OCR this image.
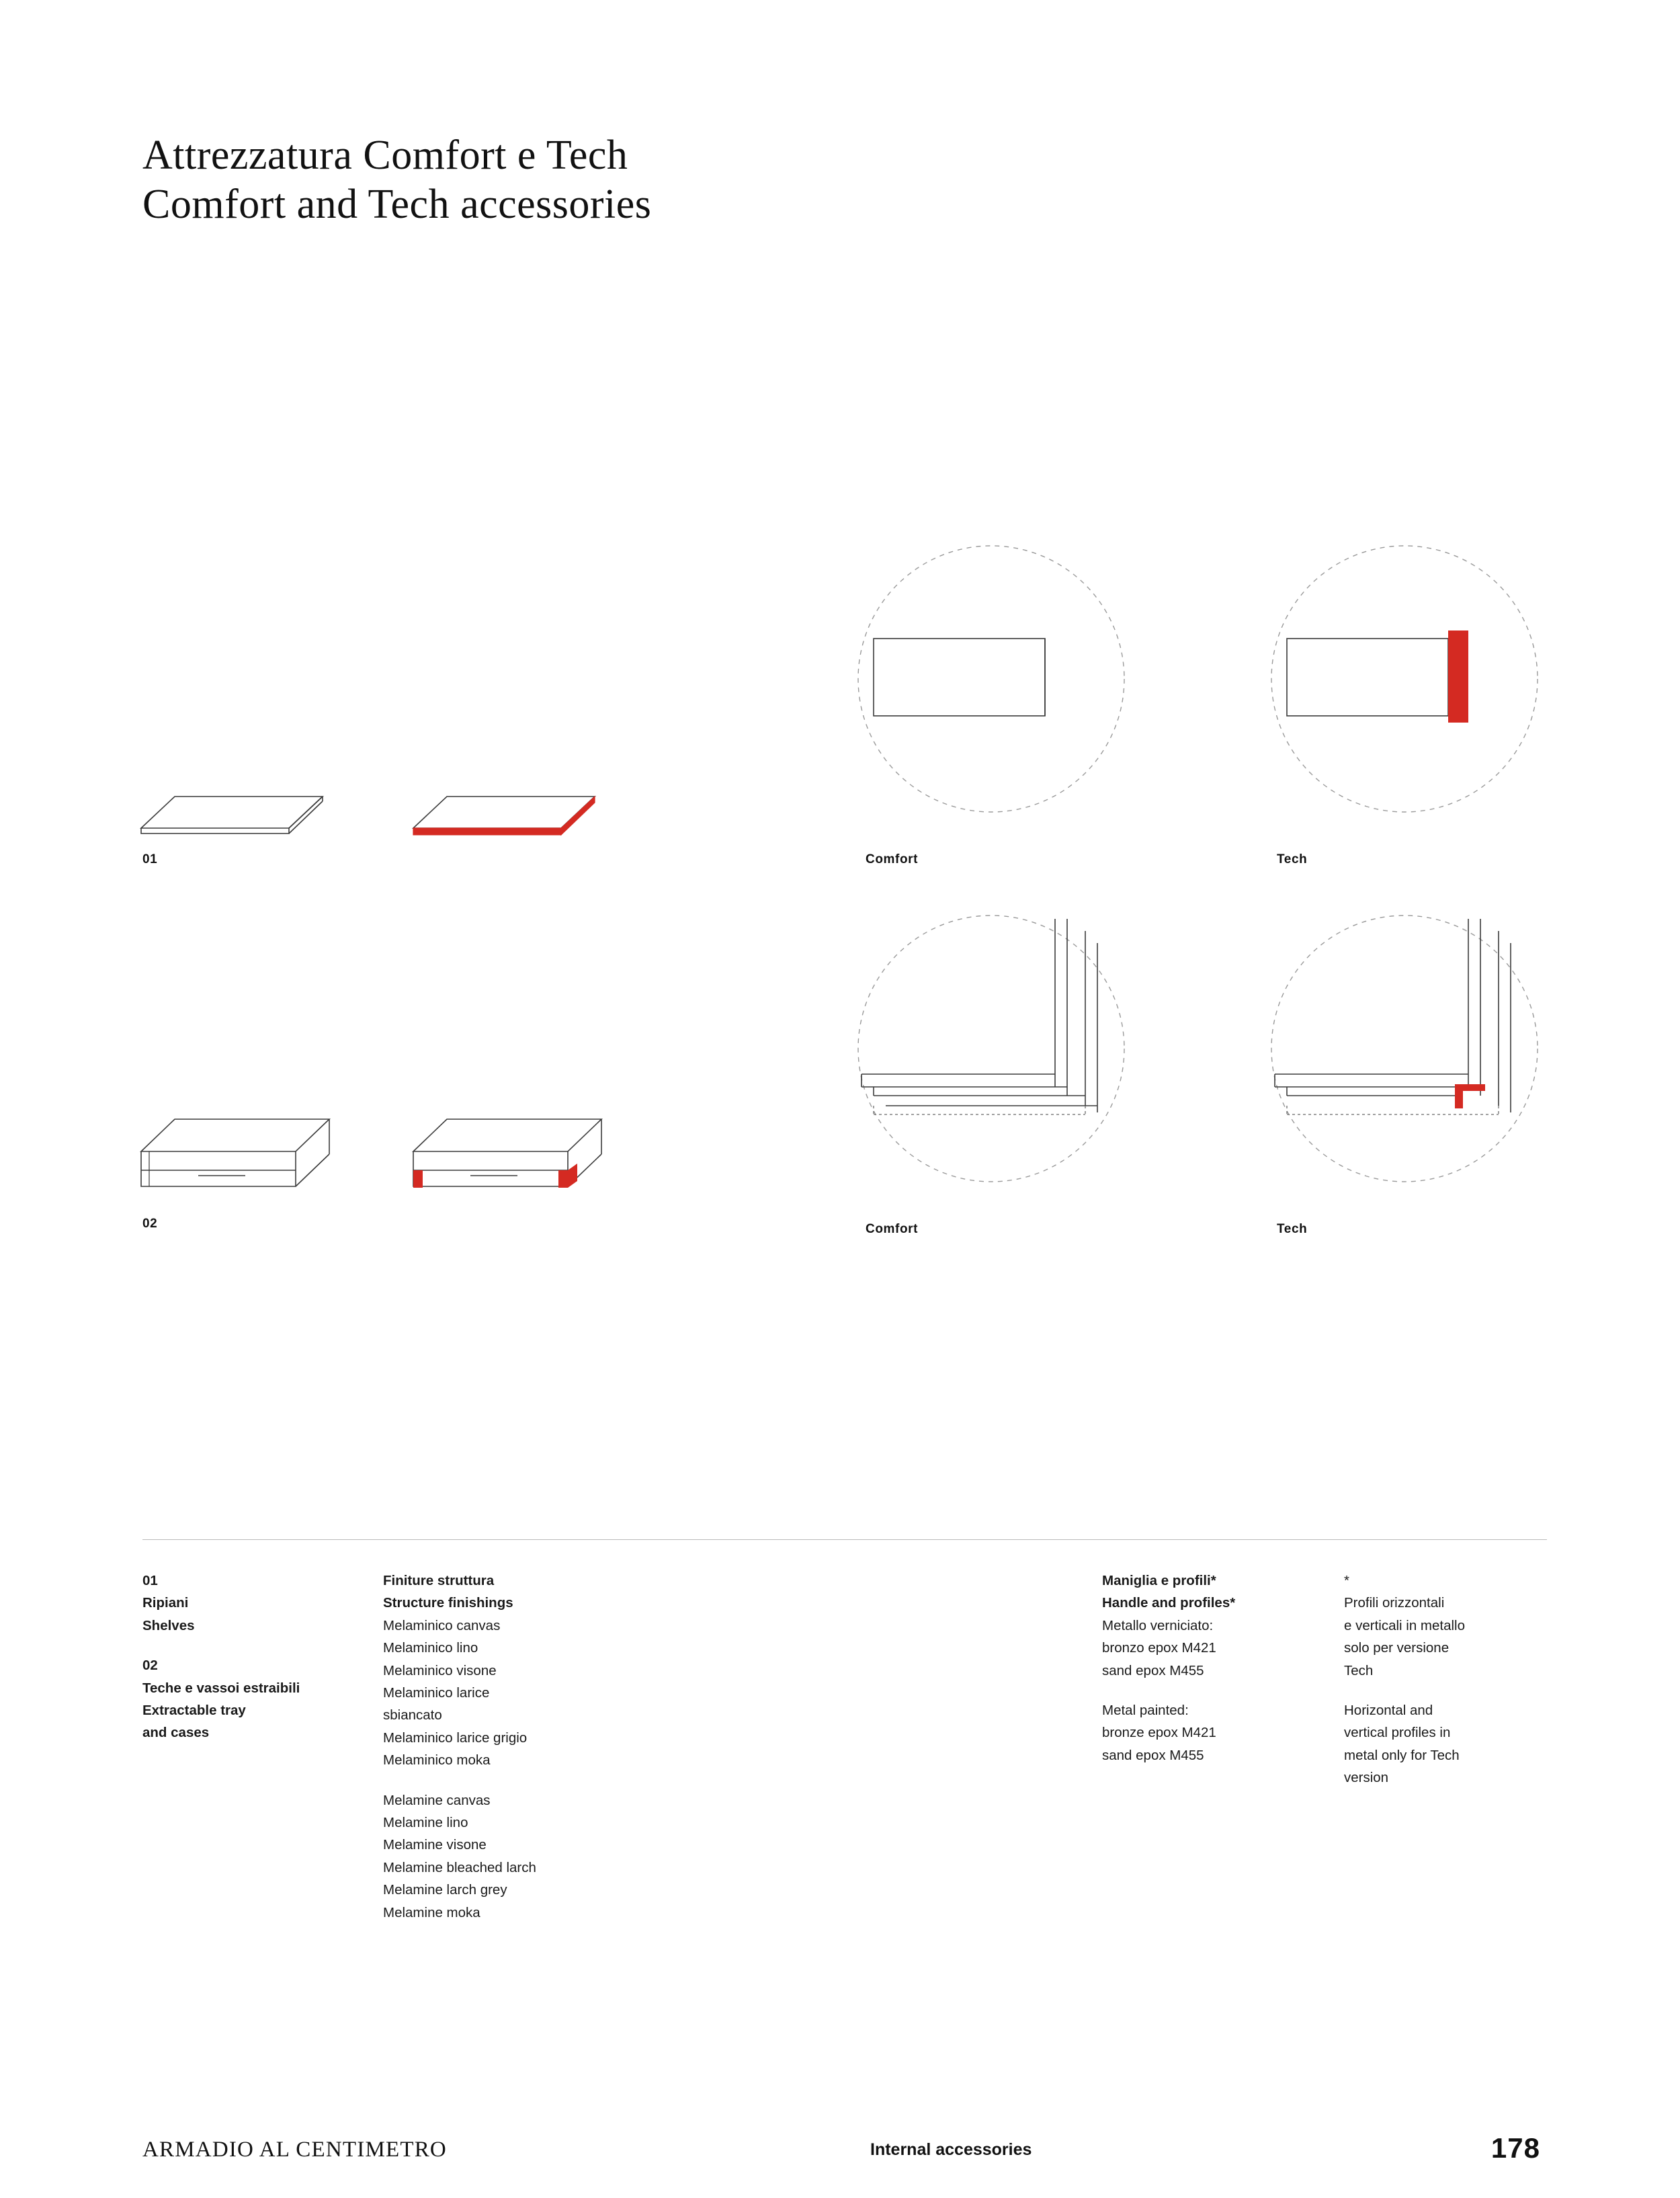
Attrezzatura Comfort e Tech
Comfort and Tech accessories
01
02
Comfort	Tech
Comfort	Tech
01
Ripiani
Shelves
02
Teche e vassoi estraibili
Extractable tray
and cases
Finiture struttura
Structure finishings
Melaminico canvas
Melaminico lino
Melaminico visone
Melaminico larice
sbiancato
Melaminico larice grigio
Melaminico moka
Melamine canvas
Melamine lino
Melamine visone
Melamine bleached larch
Melamine larch grey
Melamine moka
Maniglia e profili*
Handle and profiles*
Metallo verniciato:
bronzo epox M421
sand epox M455
Metal painted:
bronze epox M421
sand epox M455
*
Profili orizzontali
e verticali in metallo
solo per versione
Tech
Horizontal and
vertical profiles in
metal only for Tech
version
ARMADIO AL CENTIMETRO	Internal accessories	178
